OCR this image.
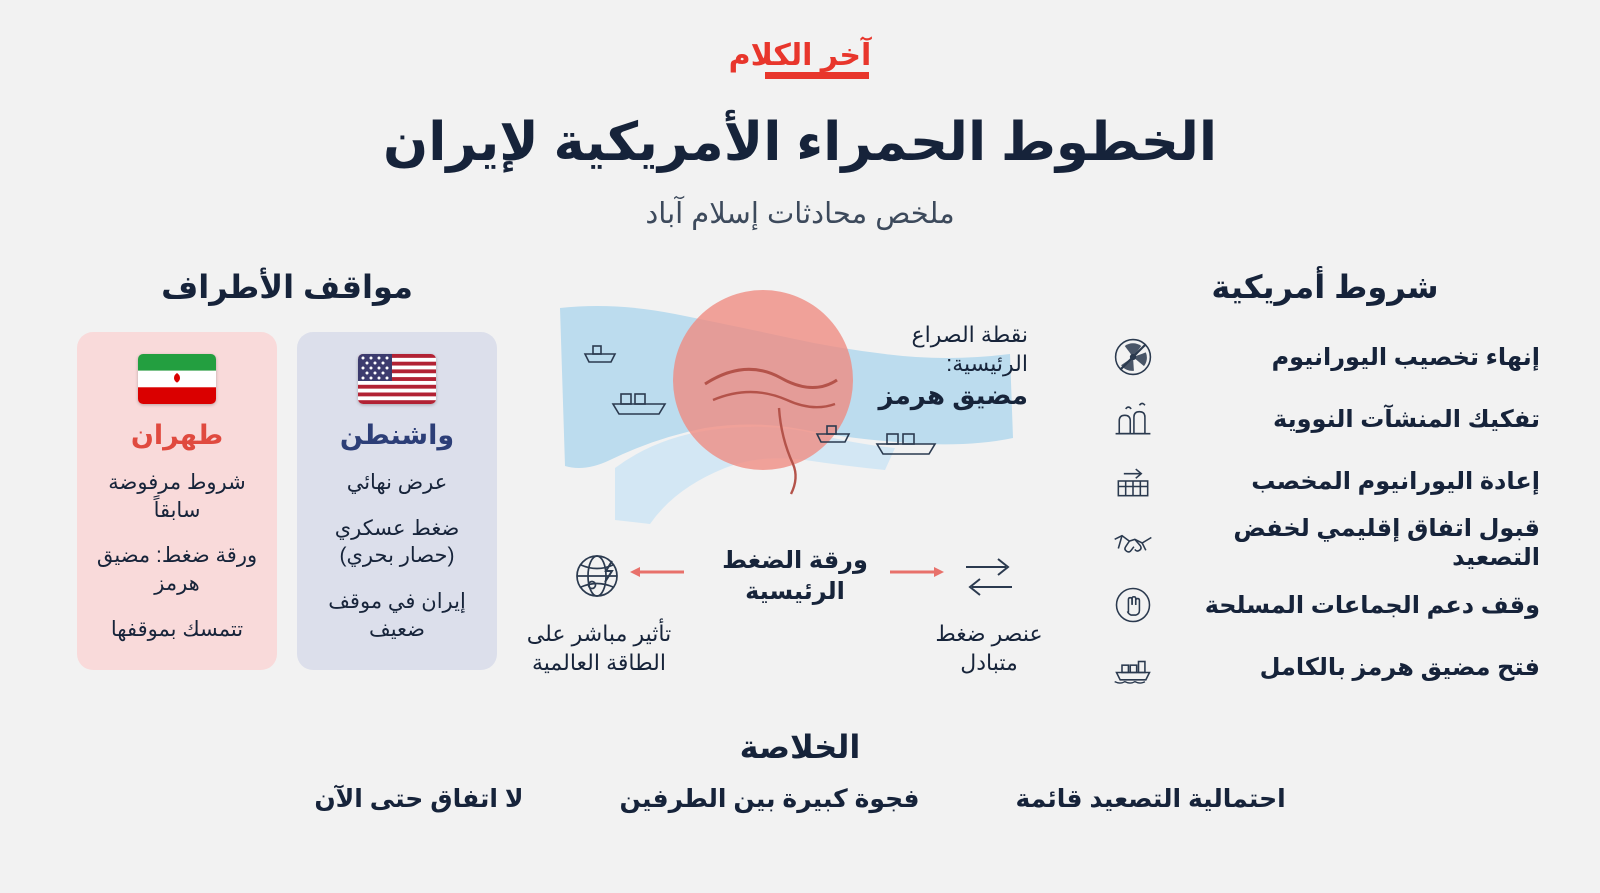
آخر الكلام
الخطوط الحمراء الأمريكية لإيران
ملخص محادثات إسلام آباد
شروط أمريكية
إنهاء تخصيب اليورانيوم
تفكيك المنشآت النووية
إعادة اليورانيوم المخصب
قبول اتفاق إقليمي لخفض التصعيد
وقف دعم الجماعات المسلحة
فتح مضيق هرمز بالكامل
نقطة الصراع
الرئيسية:
مضيق هرمز
ورقة الضغط
الرئيسية
تأثير مباشر على
الطاقة العالمية
عنصر ضغط
متبادل
مواقف الأطراف
واشنطن
عرض نهائي
ضغط عسكري (حصار بحري)
إيران في موقف ضعيف
طهران
شروط مرفوضة سابقاً
ورقة ضغط: مضيق هرمز
تتمسك بموقفها
الخلاصة
احتمالية التصعيد قائمة
فجوة كبيرة بين الطرفين
لا اتفاق حتى الآن
